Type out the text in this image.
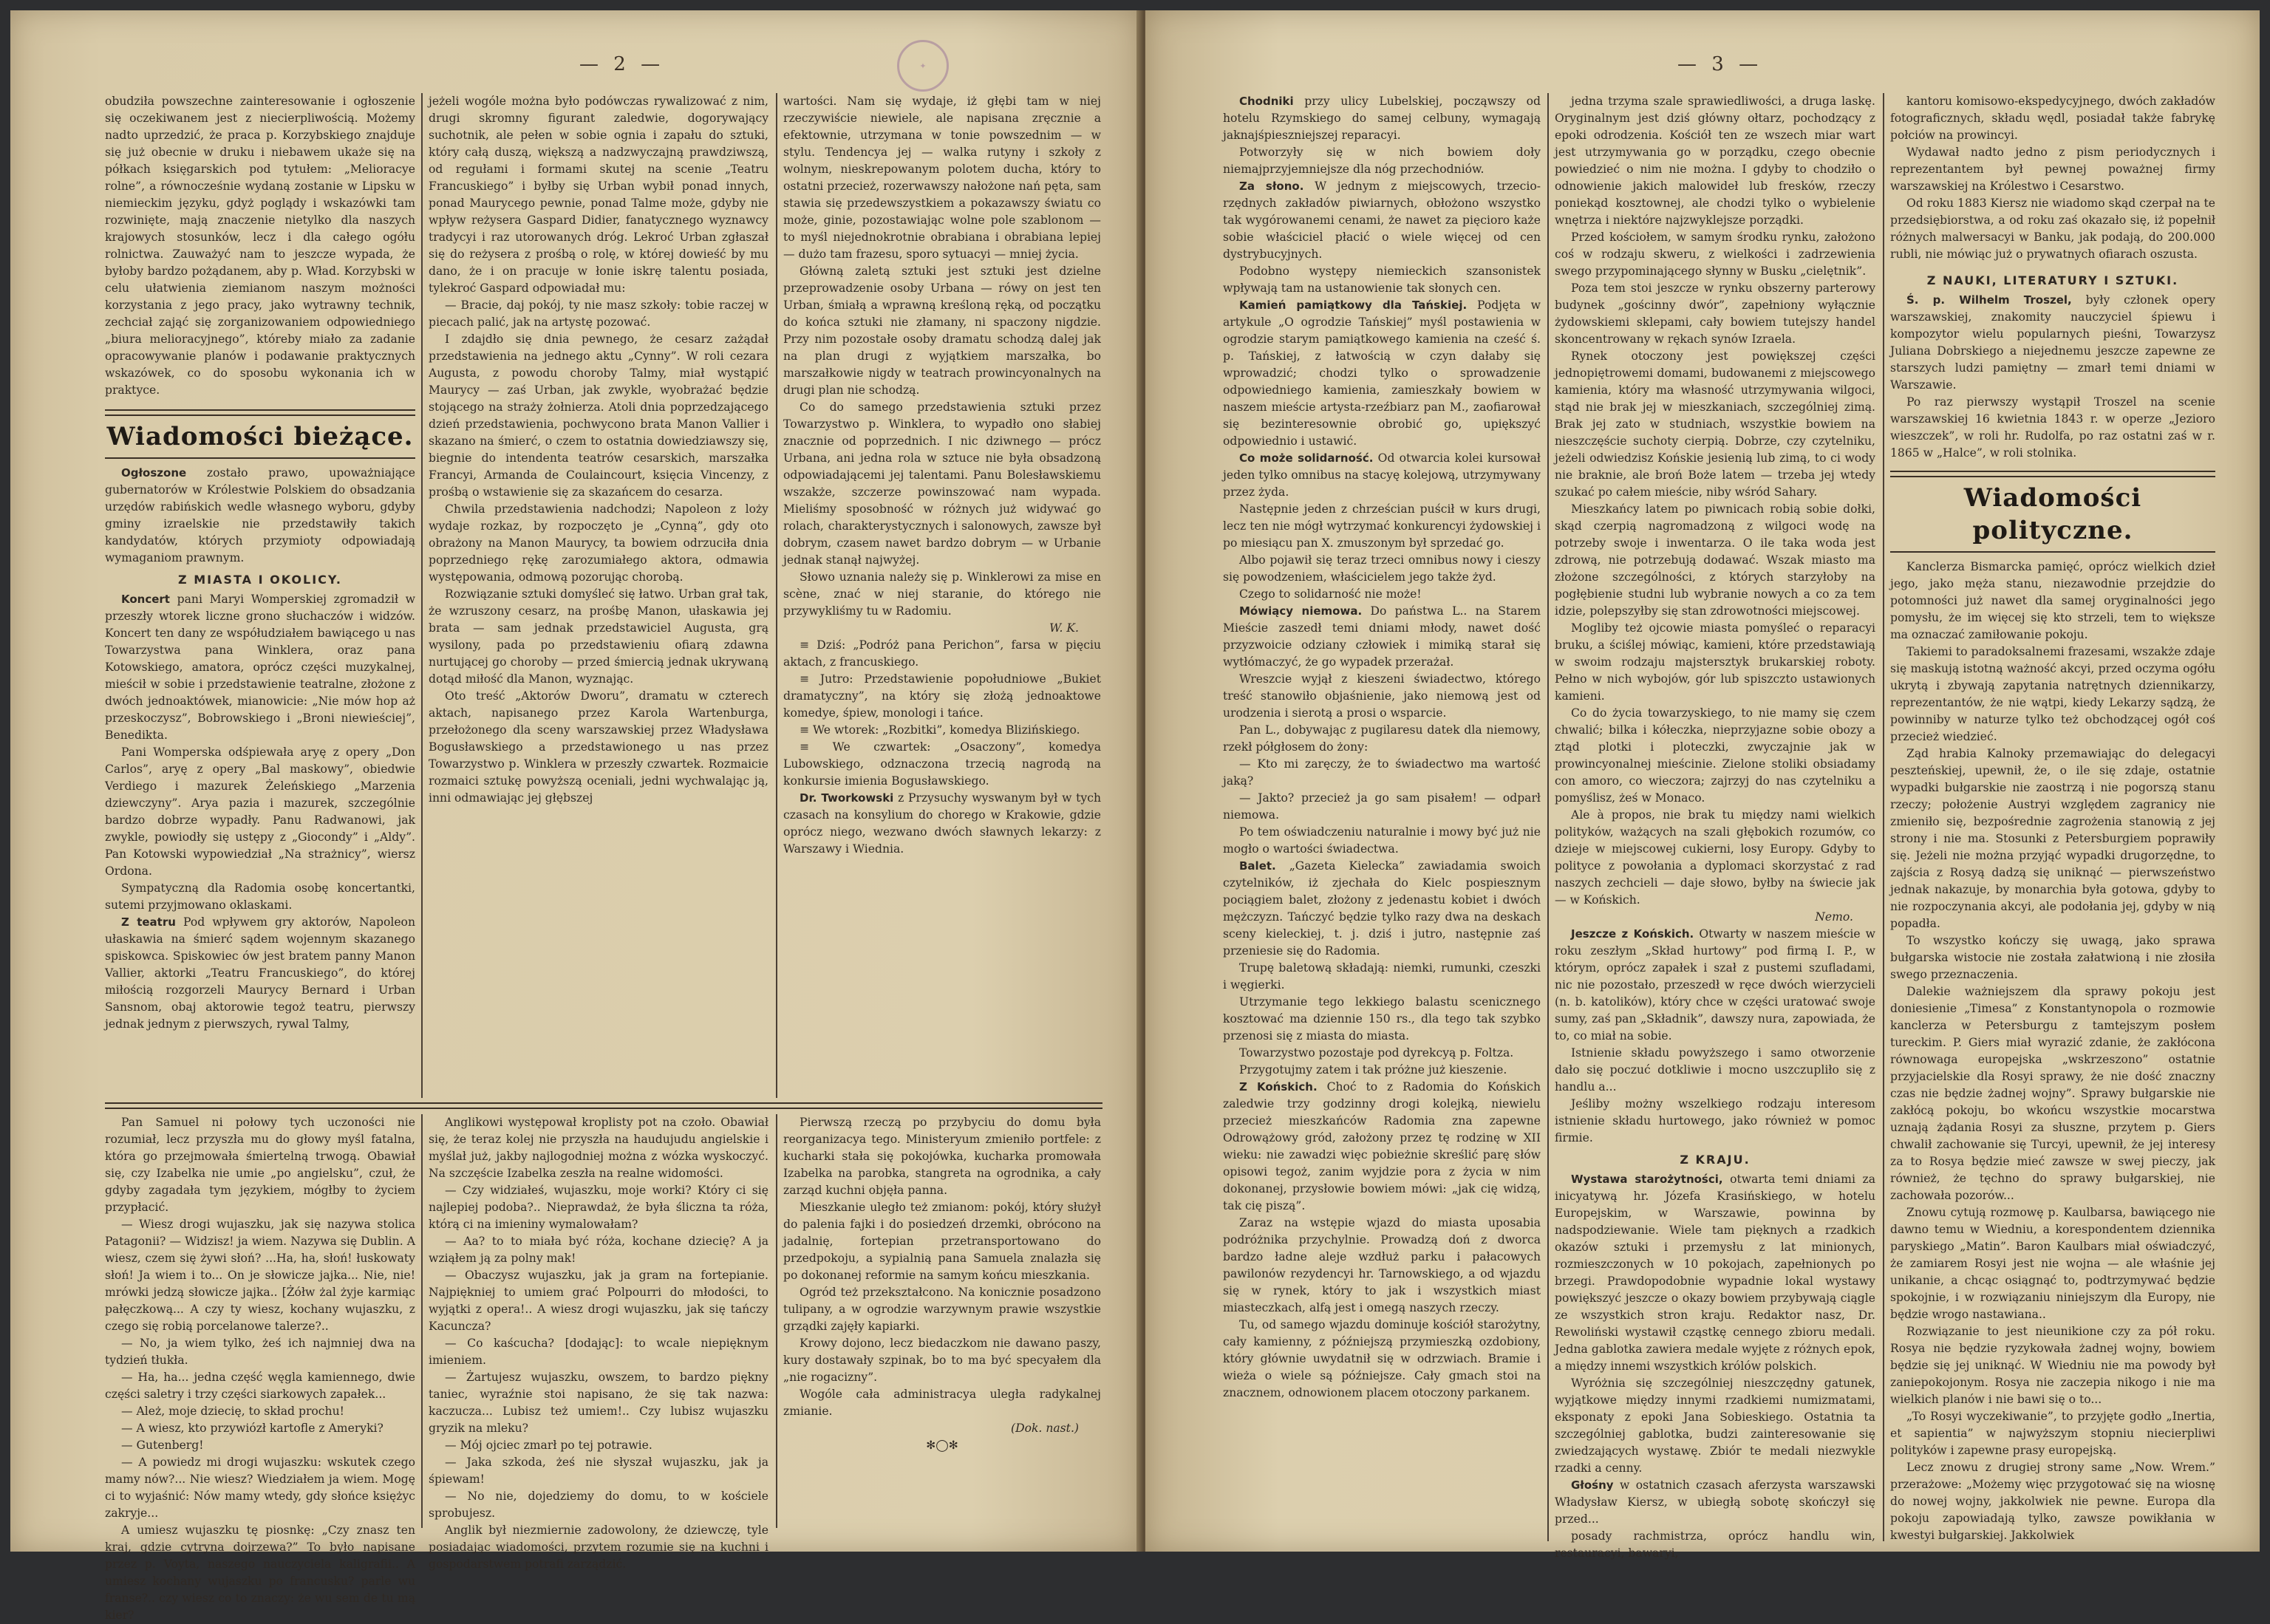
— 2 —	✦

obudziła powszechne zainteresowanie i ogłoszenie się oczekiwanem jest z niecierpliwością. Możemy nadto uprzedzić, że praca p. Korzybskiego znajduje się już obecnie w druku i niebawem ukaże się na półkach księgarskich pod tytułem: „Melioracye rolne”, a równocześnie wydaną zostanie w Lipsku w niemieckim języku, gdyż poglądy i wskazówki tam rozwinięte, mają znaczenie nietylko dla naszych krajowych stosunków, lecz i dla całego ogółu rolnictwa. Zauważyć nam to jeszcze wypada, że byłoby bardzo pożądanem, aby p. Wład. Korzybski w celu ułatwienia ziemianom naszym możności korzystania z jego pracy, jako wytrawny technik, zechciał zająć się zorganizowaniem odpowiedniego „biura melioracyjnego”, któreby miało za zadanie opracowywanie planów i podawanie praktycznych wskazówek, co do sposobu wykonania ich w praktyce.

Wiadomości bieżące.

Ogłoszone zostało prawo, upoważniające gubernatorów w Królestwie Polskiem do obsadzania urzędów rabińskich wedle własnego wyboru, gdyby gminy izraelskie nie przedstawiły takich kandydatów, których przymioty odpowiadają wymaganiom prawnym.

Z MIASTA I OKOLICY.

Koncert pani Maryi Womperskiej zgromadził w przeszły wtorek liczne grono słuchaczów i widzów. Koncert ten dany ze współudziałem bawiącego u nas Towarzystwa pana Winklera, oraz pana Kotowskiego, amatora, oprócz części muzykalnej, mieścił w sobie i przedstawienie teatralne, złożone z dwóch jednoaktówek, mianowicie: „Nie mów hop aż przeskoczysz”, Bobrowskiego i „Broni niewieściej”, Benedikta.

Pani Womperska odśpiewała aryę z opery „Don Carlos”, aryę z opery „Bal maskowy”, obiedwie Verdiego i mazurek Żeleńskiego „Marzenia dziewczyny”. Arya pazia i mazurek, szczególnie bardzo dobrze wypadły. Panu Radwanowi, jak zwykle, powiodły się ustępy z „Giocondy” i „Aldy”. Pan Kotowski wypowiedział „Na strażnicy”, wiersz Ordona.

Sympatyczną dla Radomia osobę koncertantki, sutemi przyjmowano oklaskami.

Z teatru Pod wpływem gry aktorów, Napoleon ułaskawia na śmierć sądem wojennym skazanego spiskowca. Spiskowiec ów jest bratem panny Manon Vallier, aktorki „Teatru Francuskiego”, do której miłością rozgorzeli Maurycy Bernard i Urban Sansnom, obaj aktorowie tegoż teatru, pierwszy jednak jednym z pierwszych, rywal Talmy,

jeżeli wogóle można było podówczas rywalizować z nim, drugi skromny figurant zaledwie, dogorywający suchotnik, ale pełen w sobie ognia i zapału do sztuki, który całą duszą, większą a nadzwyczajną prawdziwszą, od regułami i formami skutej na scenie „Teatru Francuskiego” i byłby się Urban wybił ponad innych, ponad Maurycego pewnie, ponad Talme może, gdyby nie wpływ reżysera Gaspard Didier, fanatycznego wyznawcy tradycyi i raz utorowanych dróg. Lekroć Urban zgłaszał się do reżysera z prośbą o rolę, w której dowieść by mu dano, że i on pracuje w łonie iskrę talentu posiada, tylekroć Gaspard odpowiadał mu:

— Bracie, daj pokój, ty nie masz szkoły: tobie raczej w piecach palić, jak na artystę pozować.

I zdajdło się dnia pewnego, że cesarz zażądał przedstawienia na jednego aktu „Cynny”. W roli cezara Augusta, z powodu choroby Talmy, miał wystąpić Maurycy — zaś Urban, jak zwykle, wyobrażać będzie stojącego na straży żołnierza. Atoli dnia poprzedzającego dzień przedstawienia, pochwycono brata Manon Vallier i skazano na śmierć, o czem to ostatnia dowiedziawszy się, biegnie do intendenta teatrów cesarskich, marszałka Francyi, Armanda de Coulaincourt, księcia Vincenzy, z prośbą o wstawienie się za skazańcem do cesarza.

Chwila przedstawienia nadchodzi; Napoleon z loży wydaje rozkaz, by rozpoczęto je „Cynną”, gdy oto obrażony na Manon Maurycy, ta bowiem odrzuciła dnia poprzedniego rękę zarozumiałego aktora, odmawia występowania, odmową pozorując chorobą.

Rozwiązanie sztuki domyśleć się łatwo. Urban grał tak, że wzruszony cesarz, na prośbę Manon, ułaskawia jej brata — sam jednak przedstawiciel Augusta, grą wysilony, pada po przedstawieniu ofiarą zdawna nurtującej go choroby — przed śmiercią jednak ukrywaną dotąd miłość dla Manon, wyznając.

Oto treść „Aktorów Dworu”, dramatu w czterech aktach, napisanego przez Karola Wartenburga, przełożonego dla sceny warszawskiej przez Władysława Bogusławskiego a przedstawionego u nas przez Towarzystwo p. Winklera w przeszły czwartek. Rozmaicie rozmaici sztukę powyższą oceniali, jedni wychwalając ją, inni odmawiając jej głębszej

wartości. Nam się wydaje, iż głębi tam w niej rzeczywiście niewiele, ale napisana zręcznie a efektownie, utrzymana w tonie powszednim — w stylu. Tendencya jej — walka rutyny i szkoły z wolnym, nieskrepowanym polotem ducha, który to ostatni przecież, rozerwawszy nałożone nań pęta, sam stawia się przedewszystkiem a pokazawszy światu co może, ginie, pozostawiając wolne pole szablonom — to myśl niejednokrotnie obrabiana i obrabiana lepiej — dużo tam frazesu, sporo sytuacyi — mniej życia.

Główną zaletą sztuki jest sztuki jest dzielne przeprowadzenie osoby Urbana — rówy on jest ten Urban, śmiałą a wprawną kreśloną ręką, od początku do końca sztuki nie złamany, ni spaczony nigdzie. Przy nim pozostałe osoby dramatu schodzą dalej jak na plan drugi z wyjątkiem marszałka, bo marszałkowie nigdy w teatrach prowincyonalnych na drugi plan nie schodzą.

Co do samego przedstawienia sztuki przez Towarzystwo p. Winklera, to wypadło ono słabiej znacznie od poprzednich. I nic dziwnego — prócz Urbana, ani jedna rola w sztuce nie była obsadzoną odpowiadającemi jej talentami. Panu Bolesławskiemu wszakże, szczerze powinszować nam wypada. Mieliśmy sposobność w różnych już widywać go rolach, charakterystycznych i salonowych, zawsze był dobrym, czasem nawet bardzo dobrym — w Urbanie jednak stanął najwyżej.

Słowo uznania należy się p. Winklerowi za mise en scène, znać w niej staranie, do którego nie przywykliśmy tu w Radomiu.

W. K.

≡ Dziś: „Podróż pana Perichon”, farsa w pięciu aktach, z francuskiego.

≡ Jutro: Przedstawienie popołudniowe „Bukiet dramatyczny”, na który się złożą jednoaktowe komedye, śpiew, monologi i tańce.

≡ We wtorek: „Rozbitki”, komedya Blizińskiego.

≡ We czwartek: „Osaczony”, komedya Lubowskiego, odznaczona trzecią nagrodą na konkursie imienia Bogusławskiego.

Dr. Tworkowski z Przysuchy wyswanym był w tych czasach na konsylium do chorego w Krakowie, gdzie oprócz niego, wezwano dwóch sławnych lekarzy: z Warszawy i Wiednia.

Pan Samuel ni połowy tych uczoności nie rozumiał, lecz przyszła mu do głowy myśl fatalna, która go przejmowała śmiertelną trwogą. Obawiał się, czy Izabelka nie umie „po angielsku”, czuł, że gdyby zagadała tym językiem, mógłby to życiem przypłacić.

— Wiesz drogi wujaszku, jak się nazywa stolica Patagonii? — Widzisz! ja wiem. Nazywa się Dublin. A wiesz, czem się żywi słoń? ...Ha, ha, słoń! łuskowaty słoń! Ja wiem i to... On je słowicze jajka... Nie, nie! mrówki jedzą słowicze jajka.. [Żółw żal żyje karmiąc pałęczkową... A czy ty wiesz, kochany wujaszku, z czego się robią porcelanowe talerze?..

— No, ja wiem tylko, żeś ich najmniej dwa na tydzień tłukła.

— Ha, ha... jedna część węgla kamiennego, dwie części saletry i trzy części siarkowych zapałek...

— Ależ, moje dziecię, to skład prochu!

— A wiesz, kto przywiózł kartofle z Ameryki?

— Gutenberg!

— A powiedz mi drogi wujaszku: wskutek czego mamy nów?... Nie wiesz? Wiedziałem ja wiem. Mogę ci to wyjaśnić: Nów mamy wtedy, gdy słońce księżyc zakryje...

A umiesz wujaszku tę piosnkę: „Czy znasz ten kraj, gdzie cytryna dojrzewa?” To było napisane przez p. Voyta, naszego nauczyciela kaligrafii.. A umiesz kochany wujaszku po francusku? parle wu franse?.. czy wiesz co to znaczy: że wu sem de tu mą kier?

Anglikowi występował kroplisty pot na czoło. Obawiał się, że teraz kolej nie przyszła na haudujudu angielskie i myślał już, jakby najlogodniej można z wózka wyskoczyć. Na szczęście Izabelka zeszła na realne widomości.

— Czy widziałeś, wujaszku, moje worki? Który ci się najlepiej podoba?.. Nieprawdaż, że była śliczna ta róża, którą ci na imieniny wymalowałam?

— Aa? to to miała być róża, kochane dziecię? A ja wziąłem ją za polny mak!

— Obaczysz wujaszku, jak ja gram na fortepianie. Najpiękniej to umiem grać Polpourri do młodości, to wyjątki z opera!.. A wiesz drogi wujaszku, jak się tańczy Kacuncza?

— Co kaścucha? [dodając]: to wcale niepięknym imieniem.

— Żartujesz wujaszku, owszem, to bardzo piękny taniec, wyraźnie stoi napisano, że się tak nazwa: kaczucza... Lubisz też umiem!.. Czy lubisz wujaszku gryzik na mleku?

— Mój ojciec zmarł po tej potrawie.

— Jaka szkoda, żeś nie słyszał wujaszku, jak ja śpiewam!

— No nie, dojedziemy do domu, to w kościele sprobujesz.

Anglik był niezmiernie zadowolony, że dziewczę, tyle posiadając wiadomości, przytem rozumie się na kuchni i gospodarstwem potrafi zarządzić.

Pierwszą rzeczą po przybyciu do domu była reorganizacya tego. Ministeryum zmieniło portfele: z kucharki stała się pokojówka, kucharka promowała Izabelka na parobka, stangreta na ogrodnika, a cały zarząd kuchni objęła panna.

Mieszkanie uległo też zmianom: pokój, który służył do palenia fajki i do posiedzeń drzemki, obrócono na jadalnię, fortepian przetransportowano do przedpokoju, a sypialnią pana Samuela znalazła się po dokonanej reformie na samym końcu mieszkania.

Ogród też przekształcono. Na konicznie posadzono tulipany, a w ogrodzie warzywnym prawie wszystkie grządki zajęły kapiarki.

Krowy dojono, lecz biedaczkom nie dawano paszy, kury dostawały szpinak, bo to ma być specyałem dla „nie rogacizny”.

Wogóle cała administracya uległa radykalnej zmianie.

(Dok. nast.)
✻◯✻
— 3 —

Chodniki przy ulicy Lubelskiej, począwszy od hotelu Rzymskiego do samej celbuny, wymagają jaknajśpieszniejszej reparacyi.

Potworzyły się w nich bowiem doły niemajprzyjemniejsze dla nóg przechodniów.

Za słono. W jednym z miejscowych, trzecio-rzędnych zakładów piwiarnych, obłożono wszystko tak wygórowanemi cenami, że nawet za pięcioro każe sobie właściciel płacić o wiele więcej od cen dystrybucyjnych.

Podobno występy niemieckich szansonistek wpływają tam na ustanowienie tak słonych cen.

Kamień pamiątkowy dla Tańskiej. Podjęta w artykule „O ogrodzie Tańskiej” myśl postawienia w ogrodzie starym pamiątkowego kamienia na cześć ś. p. Tańskiej, z łatwością w czyn dałaby się wprowadzić; chodzi tylko o sprowadzenie odpowiedniego kamienia, zamieszkały bowiem w naszem mieście artysta-rzeźbiarz pan M., zaofiarował się bezinteresownie obrobić go, upiększyć odpowiednio i ustawić.

Co może solidarność. Od otwarcia kolei kursował jeden tylko omnibus na stacyę kolejową, utrzymywany przez żyda.

Następnie jeden z chrześcian puścił w kurs drugi, lecz ten nie mógł wytrzymać konkurencyi żydowskiej i po miesiącu pan X. zmuszonym był sprzedać go.

Albo pojawił się teraz trzeci omnibus nowy i cieszy się powodzeniem, właścicielem jego także żyd.

Czego to solidarność nie może!

Mówiący niemowa. Do państwa L.. na Starem Mieście zaszedł temi dniami młody, nawet dość przyzwoicie odziany człowiek i mimiką starał się wytłómaczyć, że go wypadek przerażał.

Wreszcie wyjął z kieszeni świadectwo, którego treść stanowiło objaśnienie, jako niemową jest od urodzenia i sierotą a prosi o wsparcie.

Pan L., dobywając z pugilaresu datek dla niemowy, rzekł półgłosem do żony:

— Kto mi zaręczy, że to świadectwo ma wartość jaką?

— Jakto? przecież ja go sam pisałem! — odparł niemowa.

Po tem oświadczeniu naturalnie i mowy być już nie mogło o wartości świadectwa.

Balet. „Gazeta Kielecka” zawiadamia swoich czytelników, iż zjechała do Kielc pospiesznym pociągiem balet, złożony z jedenastu kobiet i dwóch mężczyzn. Tańczyć będzie tylko razy dwa na deskach sceny kieleckiej, t. j. dziś i jutro, następnie zaś przeniesie się do Radomia.

Trupę baletową składają: niemki, rumunki, czeszki i węgierki.

Utrzymanie tego lekkiego balastu scenicznego kosztować ma dziennie 150 rs., dla tego tak szybko przenosi się z miasta do miasta.

Towarzystwo pozostaje pod dyrekcyą p. Foltza.

Przygotujmy zatem i tak próżne już kieszenie.

Z Końskich. Choć to z Radomia do Końskich zaledwie trzy godzinny drogi kolejką, niewielu przecież mieszkańców Radomia zna zapewne Odrowążowy gród, założony przez tę rodzinę w XII wieku: nie zawadzi więc pobieżnie skreślić parę słów opisowi tegoż, zanim wyjdzie pora z życia w nim dokonanej, przysłowie bowiem mówi: „jak cię widzą, tak cię piszą”.

Zaraz na wstępie wjazd do miasta uposabia podróżnika przychylnie. Prowadzą doń z dworca bardzo ładne aleje wzdłuż parku i pałacowych pawilonów rezydencyi hr. Tarnowskiego, a od wjazdu się w rynek, który to jak i wszystkich miast miasteczkach, alfą jest i omegą naszych rzeczy.

Tu, od samego wjazdu dominuje kościół starożytny, cały kamienny, z późniejszą przymieszką ozdobiony, który głównie uwydatnił się w odrzwiach. Bramie i wieża o wiele są późniejsze. Cały gmach stoi na znacznem, odnowionem placem otoczony parkanem.

jedna trzyma szale sprawiedliwości, a druga laskę. Oryginalnym jest dziś główny ołtarz, pochodzący z epoki odrodzenia. Kościół ten ze wszech miar wart jest utrzymywania go w porządku, czego obecnie powiedzieć o nim nie można. I gdyby to chodziło o odnowienie jakich malowideł lub fresków, rzeczy poniekąd kosztownej, ale chodzi tylko o wybielenie wnętrza i niektóre najzwyklejsze porządki.

Przed kościołem, w samym środku rynku, założono coś w rodzaju skweru, z wielkości i zadrzewienia swego przypominającego słynny w Busku „cielętnik”.

Poza tem stoi jeszcze w rynku obszerny parterowy budynek „gościnny dwór”, zapełniony wyłącznie żydowskiemi sklepami, cały bowiem tutejszy handel skoncentrowany w rękach synów Izraela.

Rynek otoczony jest powiększej części jednopiętrowemi domami, budowanemi z miejscowego kamienia, który ma własność utrzymywania wilgoci, stąd nie brak jej w mieszkaniach, szczególniej zimą. Brak jej zato w studniach, wszystkie bowiem na nieszczęście suchoty cierpią. Dobrze, czy czytelniku, jeżeli odwiedzisz Końskie jesienią lub zimą, to ci wody nie braknie, ale broń Boże latem — trzeba jej wtedy szukać po całem mieście, niby wśród Sahary.

Mieszkańcy latem po piwnicach robią sobie dołki, skąd czerpią nagromadzoną z wilgoci wodę na potrzeby swoje i inwentarza. O ile taka woda jest zdrową, nie potrzebują dodawać. Wszak miasto ma złożone szczególności, z których starzyłoby na pogłębienie studni lub wybranie nowych a co za tem idzie, polepszyłby się stan zdrowotności miejscowej.

Mogliby też ojcowie miasta pomyśleć o reparacyi bruku, a ściślej mówiąc, kamieni, które przedstawiają w swoim rodzaju majstersztyk brukarskiej roboty. Pełno w nich wybojów, gór lub spiszczto ustawionych kamieni.

Co do życia towarzyskiego, to nie mamy się czem chwalić; bilka i kółeczka, nieprzyjazne sobie obozy a ztąd plotki i ploteczki, zwyczajnie jak w prowincyonalnej mieścinie. Zielone stoliki obsiadamy con amoro, co wieczora; zajrzyj do nas czytelniku a pomyślisz, żeś w Monaco.

Ale à propos, nie brak tu między nami wielkich polityków, ważących na szali głębokich rozumów, co dzieje w miejscowej cukierni, losy Europy. Gdyby to polityce z powołania a dyplomaci skorzystać z rad naszych zechcieli — daje słowo, byłby na świecie jak — w Końskich.

Nemo.

Jeszcze z Końskich. Otwarty w naszem mieście w roku zeszłym „Skład hurtowy” pod firmą I. P., w którym, oprócz zapałek i szał z pustemi szufladami, nic nie pozostało, przeszedł w ręce dwóch wierzycieli (n. b. katolików), który chce w części uratować swoje sumy, zaś pan „Składnik”, dawszy nura, zapowiada, że to, co miał na sobie.

Istnienie składu powyższego i samo otworzenie dało się poczuć dotkliwie i mocno uszczupliło się z handlu a...

Jeśliby możny wszelkiego rodzaju interesom istnienie składu hurtowego, jako również w pomoc firmie.

Z KRAJU.

Wystawa starożytności, otwarta temi dniami za inicyatywą hr. Józefa Krasińskiego, w hotelu Europejskim, w Warszawie, powinna by nadspodziewanie. Wiele tam pięknych a rzadkich okazów sztuki i przemysłu z lat minionych, rozmieszczonych w 10 pokojach, zapełnionych po brzegi. Prawdopodobnie wypadnie lokal wystawy powiększyć jeszcze o okazy bowiem przybywają ciągle ze wszystkich stron kraju. Redaktor nasz, Dr. Rewoliński wystawił cząstkę cennego zbioru medali. Jedna gablotka zawiera medale wyjęte z różnych epok, a między innemi wszystkich królów polskich.

Wyróżnia się szczególniej nieszczędny gatunek, wyjątkowe między innymi rzadkiemi numizmatami, eksponaty z epoki Jana Sobieskiego. Ostatnia ta szczególniej gablotka, budzi zainteresowanie się zwiedzających wystawę. Zbiór te medali niezwykle rzadki a cenny.

Głośny w ostatnich czasach aferzysta warszawski Władysław Kiersz, w ubiegłą sobotę skończył się przed...

posady rachmistrza, oprócz handlu win, restauracyi, bawaryi,

kantoru komisowo-ekspedycyjnego, dwóch zakładów fotograficznych, składu wędl, posiadał także fabrykę połciów na prowincyi.

Wydawał nadto jedno z pism periodycznych i reprezentantem był pewnej poważnej firmy warszawskiej na Królestwo i Cesarstwo.

Od roku 1883 Kiersz nie wiadomo skąd czerpał na te przedsiębiorstwa, a od roku zaś okazało się, iż popełnił różnych malwersacyi w Banku, jak podają, do 200.000 rubli, nie mówiąc już o prywatnych ofiarach oszusta.

Z NAUKI, LITERATURY I SZTUKI.

Ś. p. Wilhelm Troszel, były członek opery warszawskiej, znakomity nauczyciel śpiewu i kompozytor wielu popularnych pieśni, Towarzysz Juliana Dobrskiego a niejednemu jeszcze zapewne ze starszych ludzi pamiętny — zmarł temi dniami w Warszawie.

Po raz pierwszy wystąpił Troszel na scenie warszawskiej 16 kwietnia 1843 r. w operze „Jezioro wieszczek”, w roli hr. Rudolfa, po raz ostatni zaś w r. 1865 w „Halce”, w roli stolnika.

Wiadomości polityczne.

Kanclerza Bismarcka pamięć, oprócz wielkich dzieł jego, jako męża stanu, niezawodnie przejdzie do potomności już nawet dla samej oryginalności jego pomysłu, że im więcej się kto strzeli, tem to większe ma oznaczać zamiłowanie pokoju.

Takiemi to paradoksalnemi frazesami, wszakże zdaje się maskują istotną ważność akcyi, przed oczyma ogółu ukrytą i zbywają zapytania natrętnych dziennikarzy, reprezentantów, że nie wątpi, kiedy Lekarzy sądzą, że powinniby w naturze tylko też obchodzącej ogół coś przecież wiedzieć.

Ząd hrabia Kalnoky przemawiając do delegacyi peszteńskiej, upewnił, że, o ile się zdaje, ostatnie wypadki bułgarskie nie zaostrzą i nie pogorszą stanu rzeczy; położenie Austryi względem zagranicy nie zmieniło się, bezpośrednie zagrożenia stanowią z jej strony i nie ma. Stosunki z Petersburgiem poprawiły się. Jeżeli nie można przyjąć wypadki drugorzędne, to zajścia z Rosyą dadzą się uniknąć — pierwszeństwo jednak nakazuje, by monarchia była gotowa, gdyby to nie rozpoczynania akcyi, ale podołania jej, gdyby w nią popadła.

To wszystko kończy się uwagą, jako sprawa bułgarska wistocie nie została załatwioną i nie złosiła swego przeznaczenia.

Dalekie ważniejszem dla sprawy pokoju jest doniesienie „Timesa” z Konstantynopola o rozmowie kanclerza w Petersburgu z tamtejszym posłem tureckim. P. Giers miał wyrazić zdanie, że zakłócona równowaga europejska „wskrzeszono” ostatnie przyjacielskie dla Rosyi sprawy, że nie dość znaczny czas nie będzie żadnej wojny”. Sprawy bułgarskie nie zakłócą pokoju, bo wkońcu wszystkie mocarstwa uznają żądania Rosyi za słuszne, przytem p. Giers chwalił zachowanie się Turcyi, upewnił, że jej interesy za to Rosya będzie mieć zawsze w swej pieczy, jak również, że tęchno do sprawy bułgarskiej, nie zachowała pozorów...

Znowu cytują rozmowę p. Kaulbarsa, bawiącego nie dawno temu w Wiedniu, a korespondentem dziennika paryskiego „Matin”. Baron Kaulbars miał oświadczyć, że zamiarem Rosyi jest nie wojna — ale właśnie jej unikanie, a chcąc osiągnąć to, podtrzymywać będzie spokojnie, i w rozwiązaniu niniejszym dla Europy, nie będzie wrogo nastawiana..

Rozwiązanie to jest nieunikione czy za pół roku. Rosya nie będzie ryzykowała żadnej wojny, bowiem będzie się jej uniknąć. W Wiedniu nie ma powody był zaniepokojonym. Rosya nie zaczepia nikogo i nie ma wielkich planów i nie bawi się o to...

„To Rosyi wyczekiwanie”, to przyjęte godło „Inertia, et sapientia” w najwyższym stopniu niecierpliwi polityków i zapewne prasy europejską.

Lecz znowu z drugiej strony same „Now. Wrem.” przerażowe: „Możemy więc przygotować się na wiosnę do nowej wojny, jakkolwiek nie pewne. Europa dla pokoju zapowiadają tylko, zawsze powikłania w kwestyi bułgarskiej. Jakkolwiek
